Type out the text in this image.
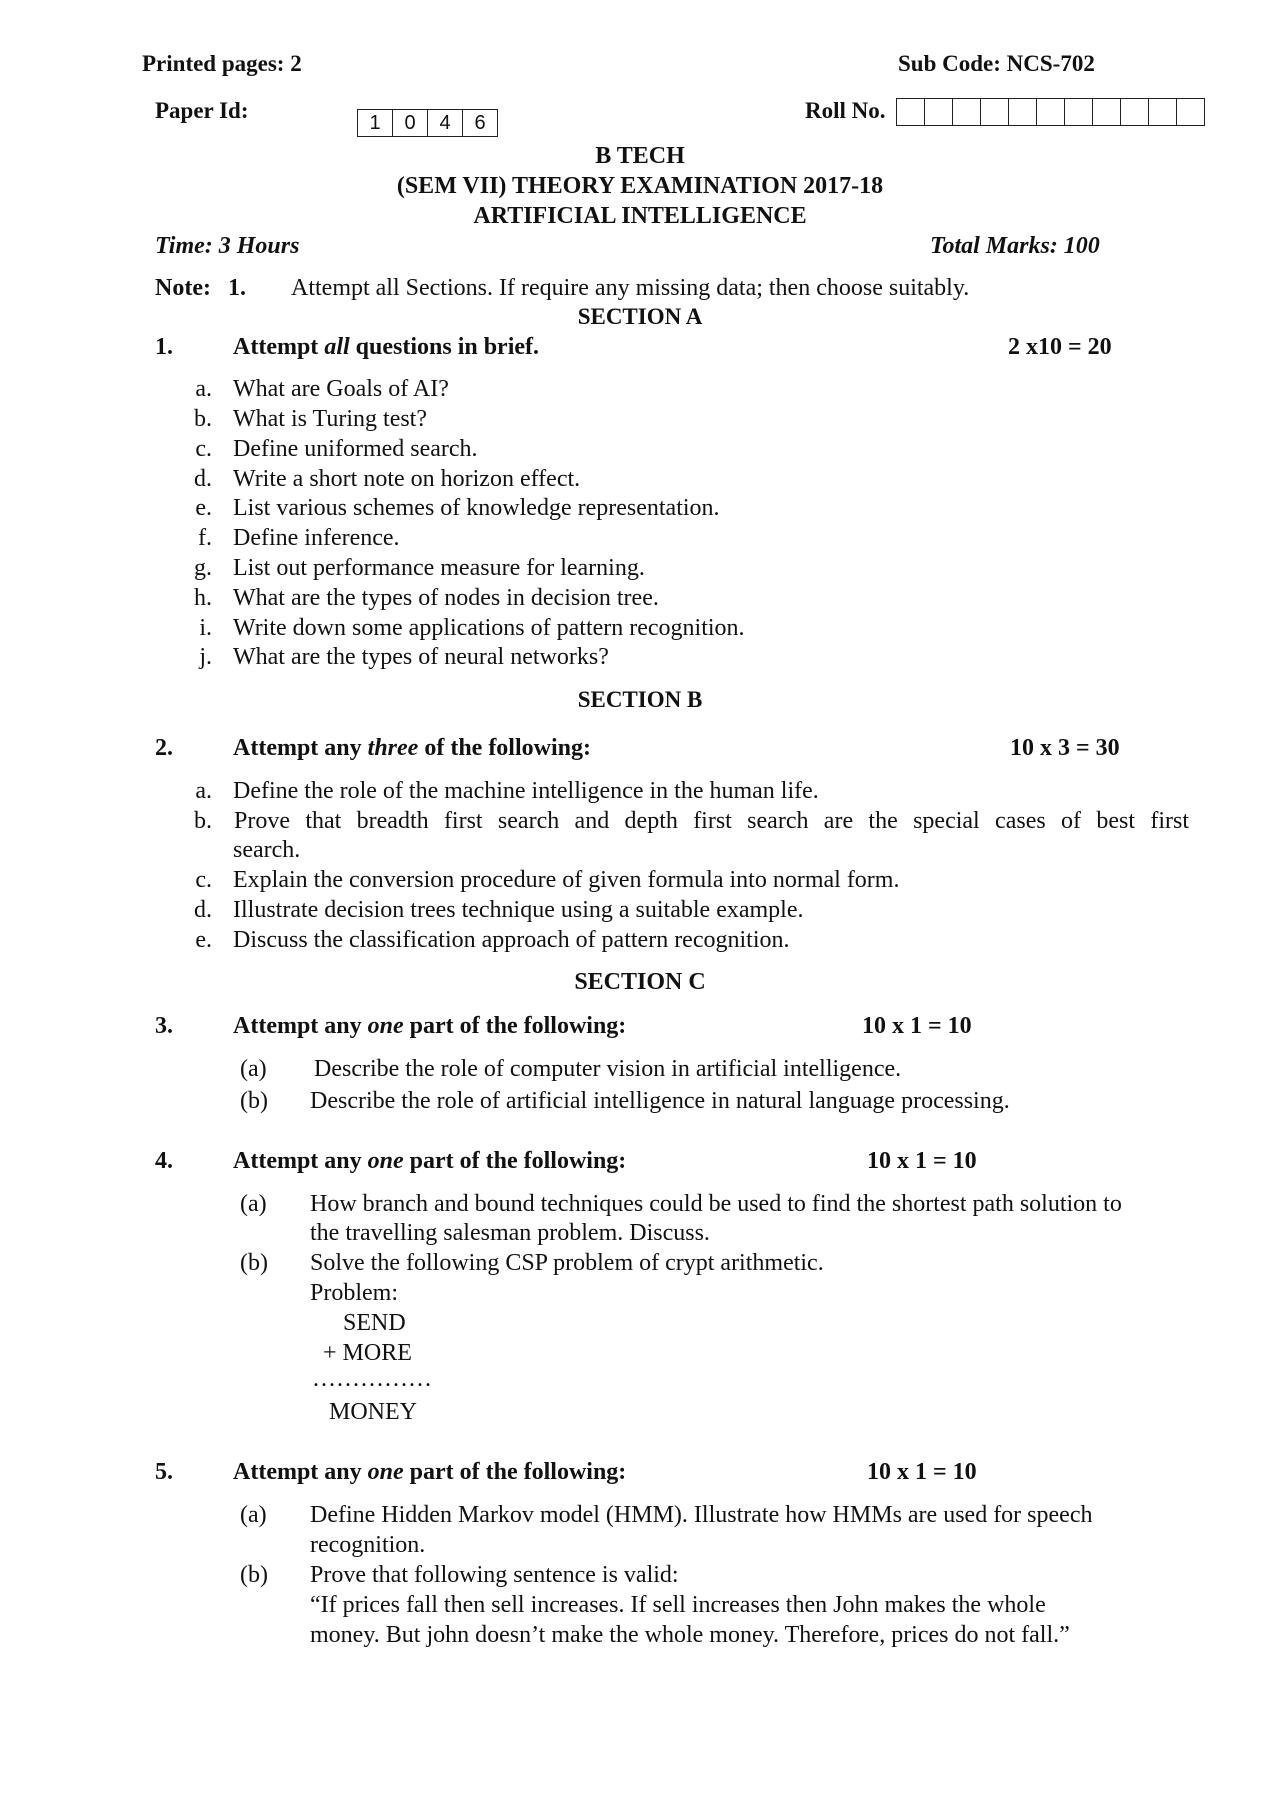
Printed pages: 2	Sub Code: NCS-702
Paper Id:	1	0	4	6	Roll No.
B TECH
(SEM VII) THEORY EXAMINATION 2017-18
ARTIFICIAL INTELLIGENCE
Time: 3 Hours	Total Marks: 100
Note: 1. Attempt all Sections. If require any missing data; then choose suitably.
SECTION A
1.	Attempt all questions in brief.	2 x10 = 20
a. What are Goals of AI?
b. What is Turing test?
c. Define uniformed search.
d. Write a short note on horizon effect.
e. List various schemes of knowledge representation.
f. Define inference.
g. List out performance measure for learning.
h. What are the types of nodes in decision tree.
i. Write down some applications of pattern recognition.
j. What are the types of neural networks?
SECTION B
2.	Attempt any three of the following:	10 x 3 = 30
a. Define the role of the machine intelligence in the human life.
b. Prove that breadth first search and depth first search are the special cases of best first
search.
c. Explain the conversion procedure of given formula into normal form.
d. Illustrate decision trees technique using a suitable example.
e. Discuss the classification approach of pattern recognition.
SECTION C
3.	Attempt any one part of the following:	10 x 1 = 10
(a) Describe the role of computer vision in artificial intelligence.
(b) Describe the role of artificial intelligence in natural language processing.
4.	Attempt any one part of the following:	10 x 1 = 10
(a) How branch and bound techniques could be used to find the shortest path solution to
the travelling salesman problem. Discuss.
(b) Solve the following CSP problem of crypt arithmetic.
Problem:
SEND
+ MORE
……………
MONEY
5.	Attempt any one part of the following:	10 x 1 = 10
(a) Define Hidden Markov model (HMM). Illustrate how HMMs are used for speech
recognition.
(b) Prove that following sentence is valid:
“If prices fall then sell increases. If sell increases then John makes the whole
money. But john doesn’t make the whole money. Therefore, prices do not fall.”
